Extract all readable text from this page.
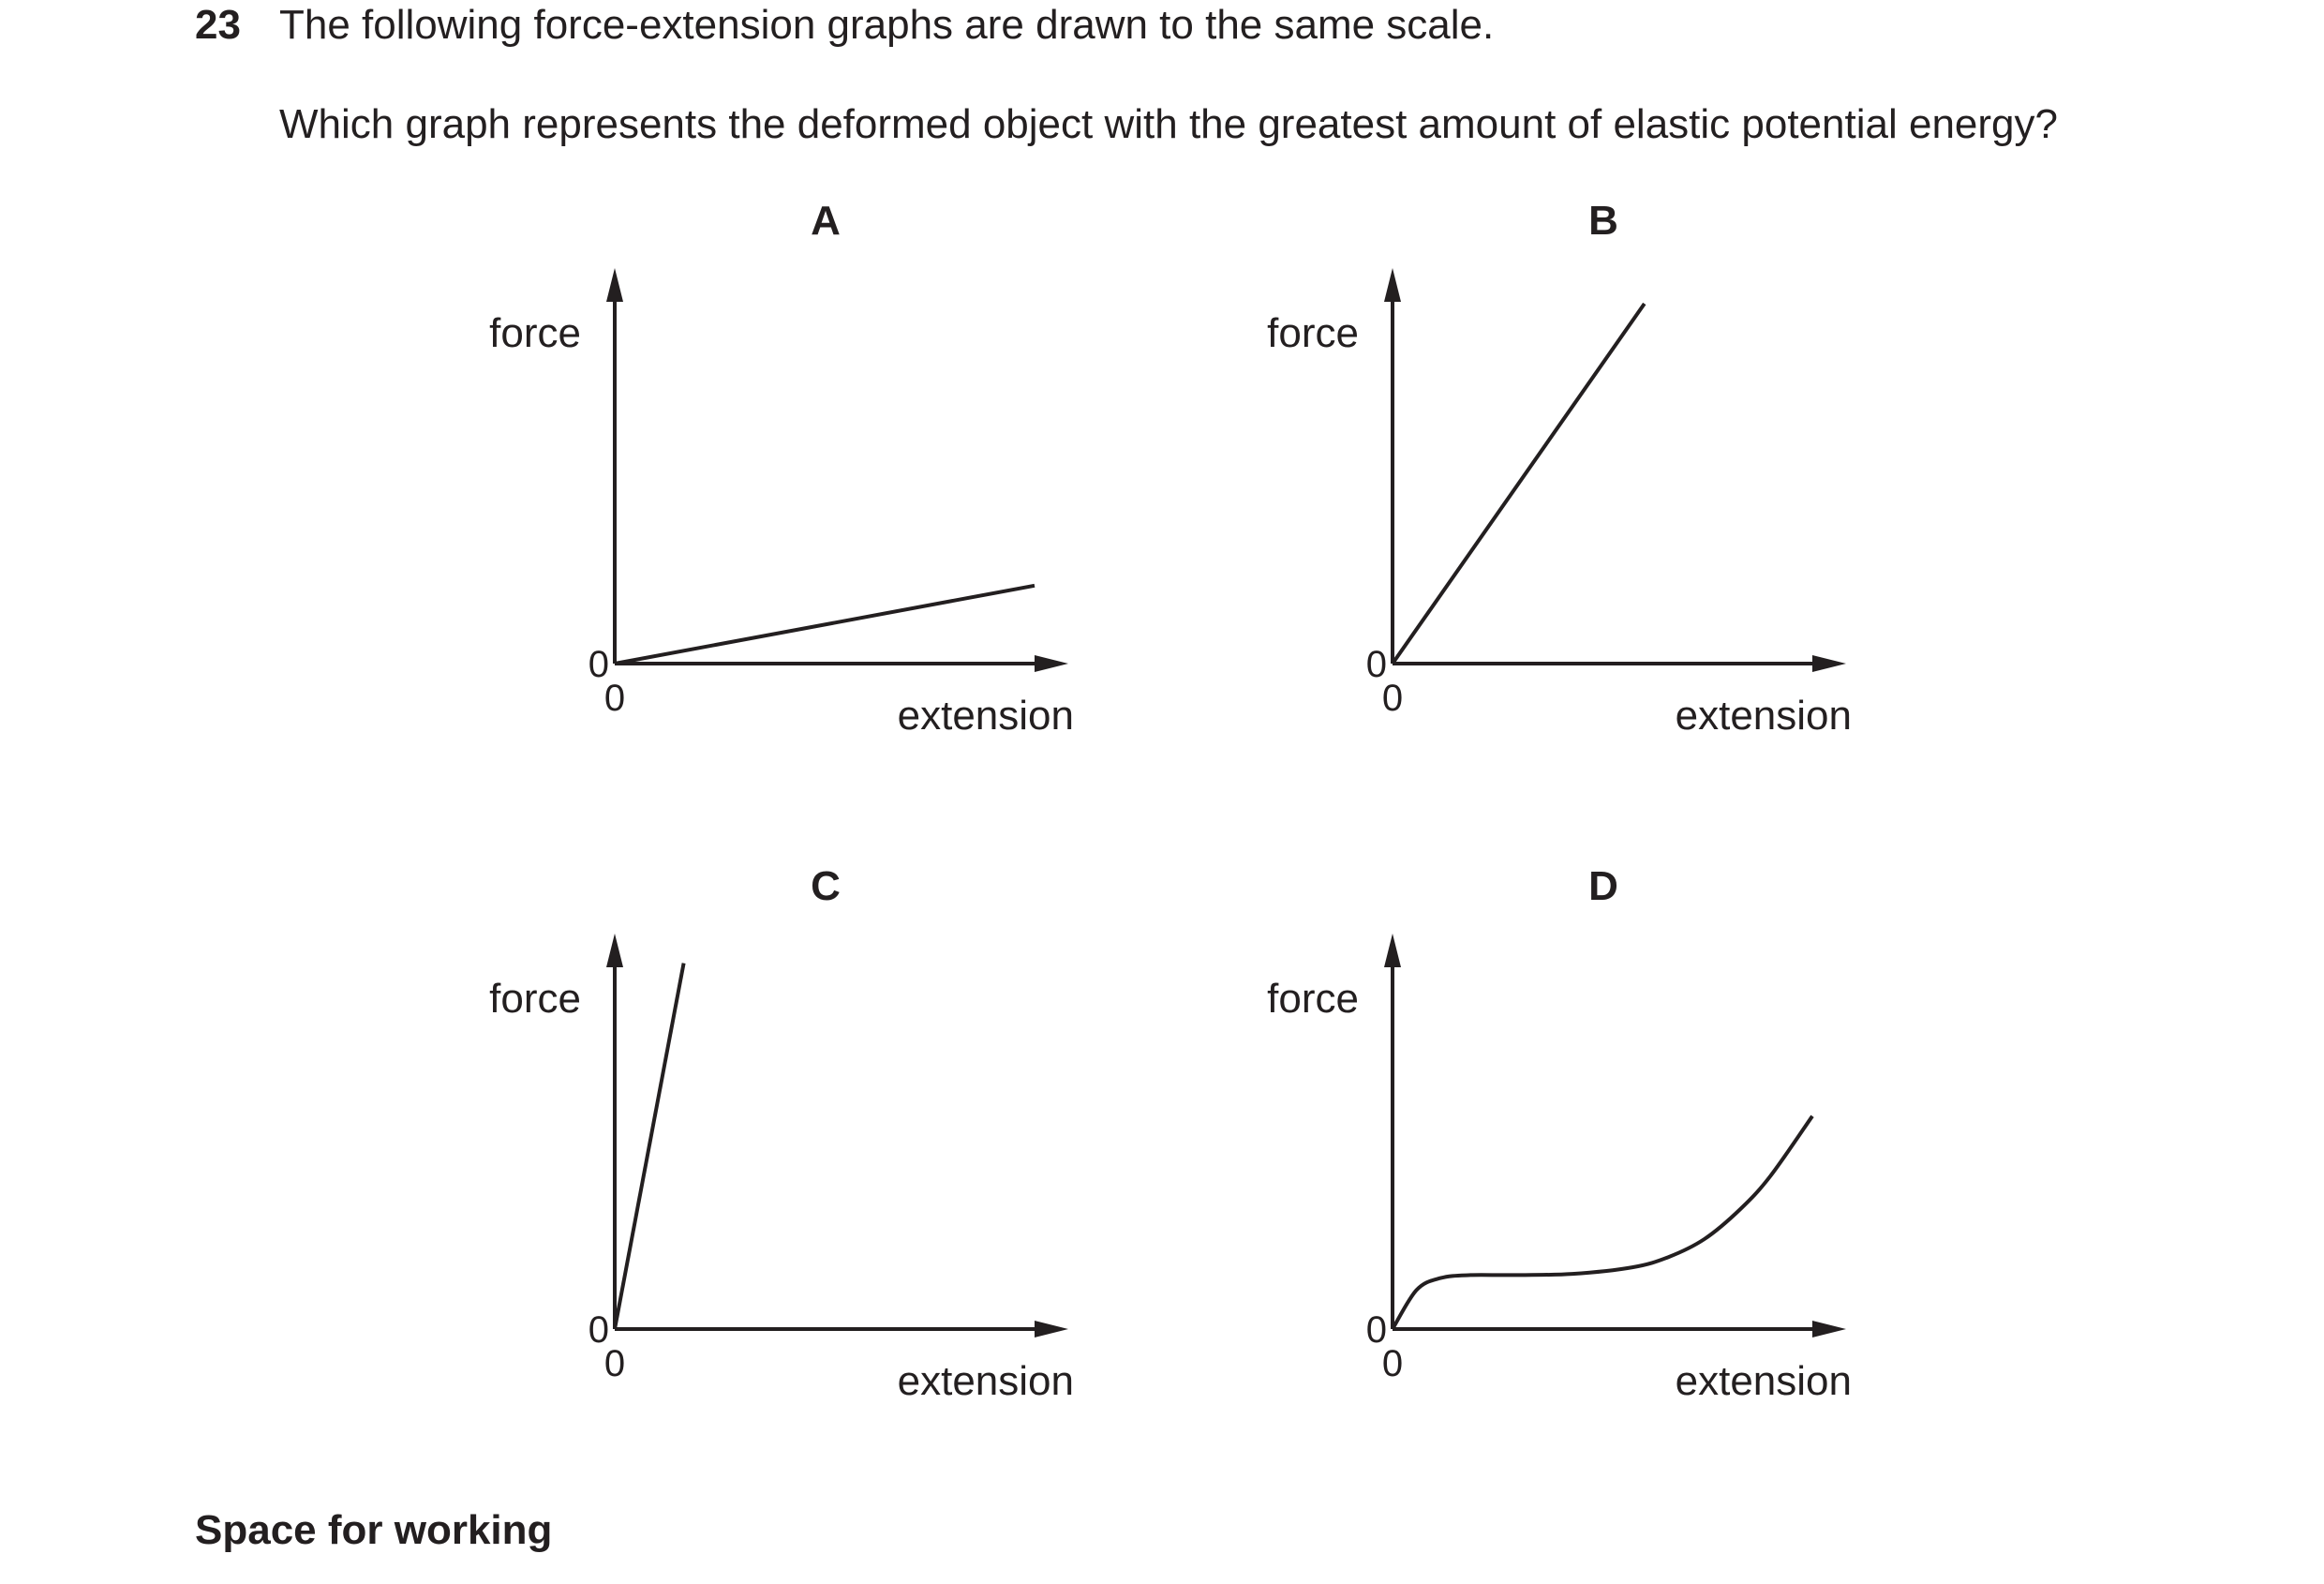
23 The following force-extension graphs are drawn to the same scale.
Which graph represents the deformed object with the greatest amount of elastic potential energy?
A
force
extension
0
0
B
force
extension
0
0
C
force
extension
0
0
D
force
extension
0
0
Space for working
